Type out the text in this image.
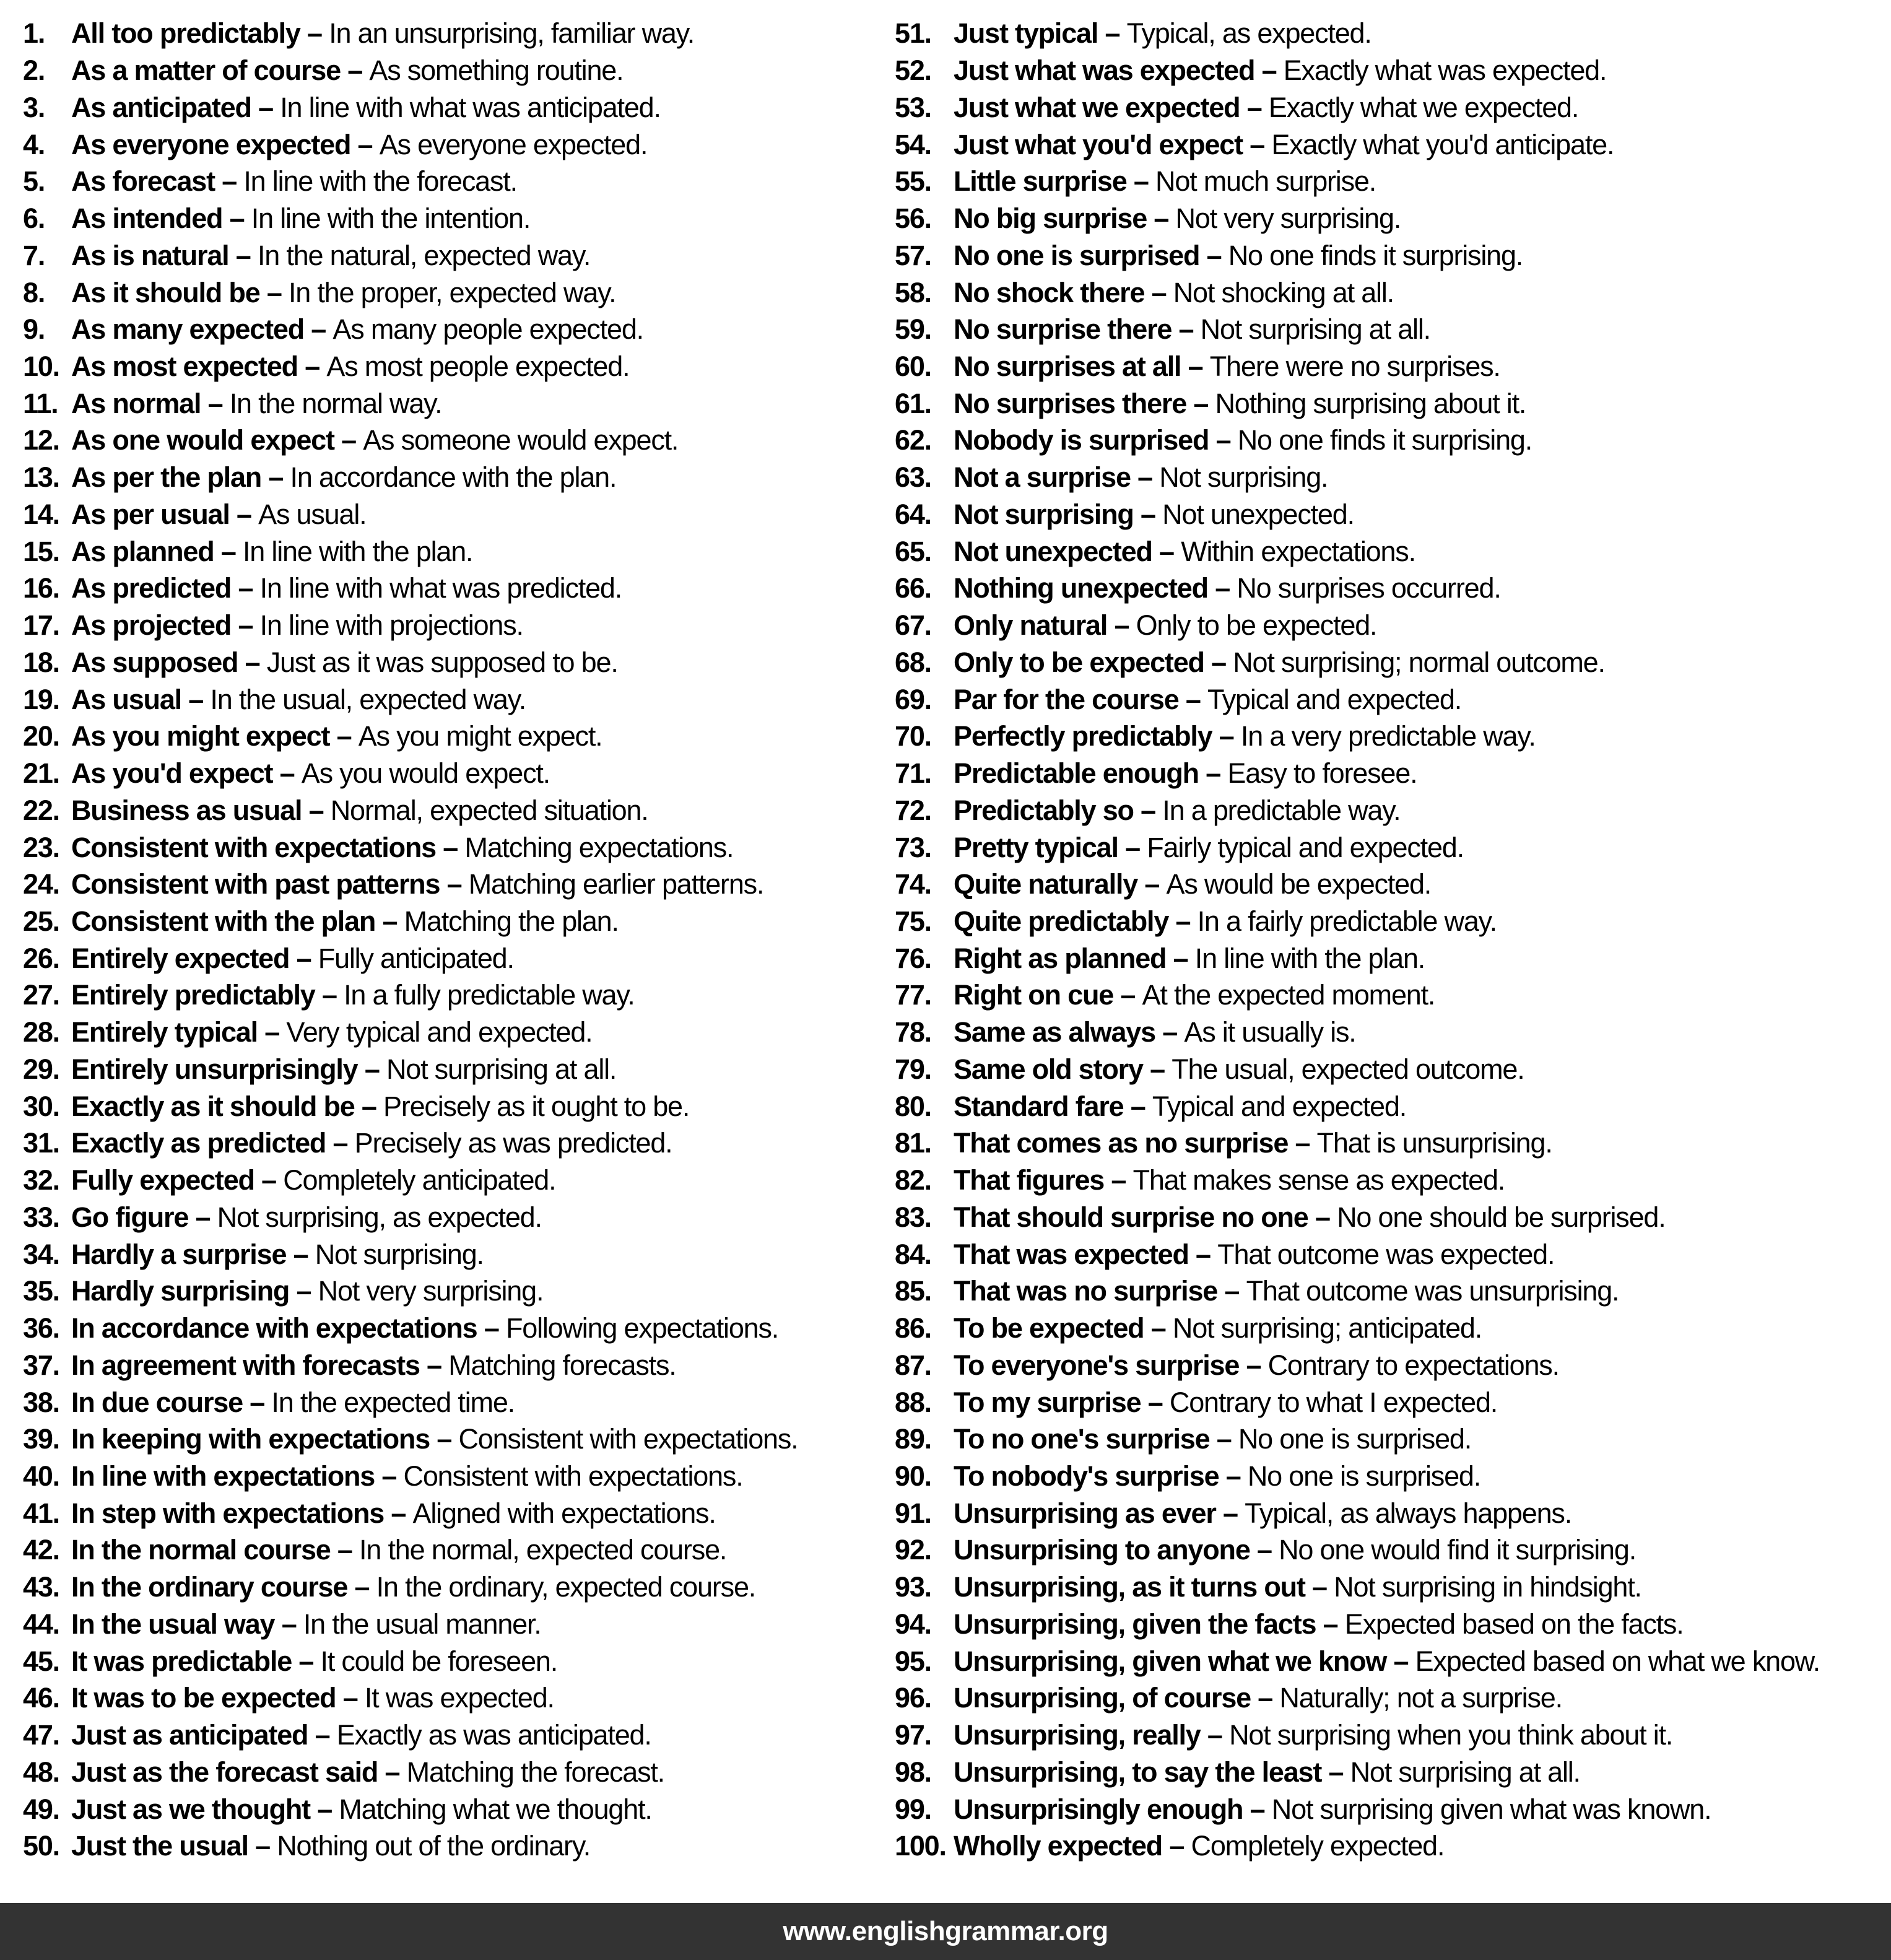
1. All too predictably – In an unsurprising, familiar way.
2. As a matter of course – As something routine.
3. As anticipated – In line with what was anticipated.
4. As everyone expected – As everyone expected.
5. As forecast – In line with the forecast.
6. As intended – In line with the intention.
7. As is natural – In the natural, expected way.
8. As it should be – In the proper, expected way.
9. As many expected – As many people expected.
10. As most expected – As most people expected.
11. As normal – In the normal way.
12. As one would expect – As someone would expect.
13. As per the plan – In accordance with the plan.
14. As per usual – As usual.
15. As planned – In line with the plan.
16. As predicted – In line with what was predicted.
17. As projected – In line with projections.
18. As supposed – Just as it was supposed to be.
19. As usual – In the usual, expected way.
20. As you might expect – As you might expect.
21. As you'd expect – As you would expect.
22. Business as usual – Normal, expected situation.
23. Consistent with expectations – Matching expectations.
24. Consistent with past patterns – Matching earlier patterns.
25. Consistent with the plan – Matching the plan.
26. Entirely expected – Fully anticipated.
27. Entirely predictably – In a fully predictable way.
28. Entirely typical – Very typical and expected.
29. Entirely unsurprisingly – Not surprising at all.
30. Exactly as it should be – Precisely as it ought to be.
31. Exactly as predicted – Precisely as was predicted.
32. Fully expected – Completely anticipated.
33. Go figure – Not surprising, as expected.
34. Hardly a surprise – Not surprising.
35. Hardly surprising – Not very surprising.
36. In accordance with expectations – Following expectations.
37. In agreement with forecasts – Matching forecasts.
38. In due course – In the expected time.
39. In keeping with expectations – Consistent with expectations.
40. In line with expectations – Consistent with expectations.
41. In step with expectations – Aligned with expectations.
42. In the normal course – In the normal, expected course.
43. In the ordinary course – In the ordinary, expected course.
44. In the usual way – In the usual manner.
45. It was predictable – It could be foreseen.
46. It was to be expected – It was expected.
47. Just as anticipated – Exactly as was anticipated.
48. Just as the forecast said – Matching the forecast.
49. Just as we thought – Matching what we thought.
50. Just the usual – Nothing out of the ordinary.
51. Just typical – Typical, as expected.
52. Just what was expected – Exactly what was expected.
53. Just what we expected – Exactly what we expected.
54. Just what you'd expect – Exactly what you'd anticipate.
55. Little surprise – Not much surprise.
56. No big surprise – Not very surprising.
57. No one is surprised – No one finds it surprising.
58. No shock there – Not shocking at all.
59. No surprise there – Not surprising at all.
60. No surprises at all – There were no surprises.
61. No surprises there – Nothing surprising about it.
62. Nobody is surprised – No one finds it surprising.
63. Not a surprise – Not surprising.
64. Not surprising – Not unexpected.
65. Not unexpected – Within expectations.
66. Nothing unexpected – No surprises occurred.
67. Only natural – Only to be expected.
68. Only to be expected – Not surprising; normal outcome.
69. Par for the course – Typical and expected.
70. Perfectly predictably – In a very predictable way.
71. Predictable enough – Easy to foresee.
72. Predictably so – In a predictable way.
73. Pretty typical – Fairly typical and expected.
74. Quite naturally – As would be expected.
75. Quite predictably – In a fairly predictable way.
76. Right as planned – In line with the plan.
77. Right on cue – At the expected moment.
78. Same as always – As it usually is.
79. Same old story – The usual, expected outcome.
80. Standard fare – Typical and expected.
81. That comes as no surprise – That is unsurprising.
82. That figures – That makes sense as expected.
83. That should surprise no one – No one should be surprised.
84. That was expected – That outcome was expected.
85. That was no surprise – That outcome was unsurprising.
86. To be expected – Not surprising; anticipated.
87. To everyone's surprise – Contrary to expectations.
88. To my surprise – Contrary to what I expected.
89. To no one's surprise – No one is surprised.
90. To nobody's surprise – No one is surprised.
91. Unsurprising as ever – Typical, as always happens.
92. Unsurprising to anyone – No one would find it surprising.
93. Unsurprising, as it turns out – Not surprising in hindsight.
94. Unsurprising, given the facts – Expected based on the facts.
95. Unsurprising, given what we know – Expected based on what we know.
96. Unsurprising, of course – Naturally; not a surprise.
97. Unsurprising, really – Not surprising when you think about it.
98. Unsurprising, to say the least – Not surprising at all.
99. Unsurprisingly enough – Not surprising given what was known.
100. Wholly expected – Completely expected.
www.englishgrammar.org
